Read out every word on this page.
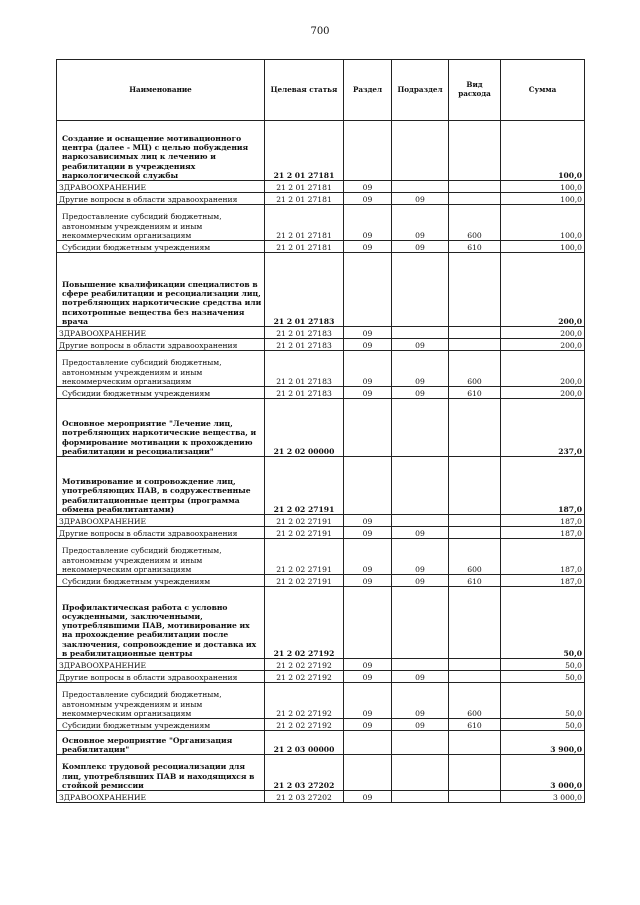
700
Наименование	Целевая статья	Раздел	Подраздел	Вид расхода	Сумма
Создание и оснащение мотивационного центра (далее - МЦ) с целью побуждения наркозависимых лиц к лечению и реабилитации в учреждениях наркологической службы	21 2 01 27181				100,0
ЗДРАВООХРАНЕНИЕ	21 2 01 27181	09			100,0
Другие вопросы в области здравоохранения	21 2 01 27181	09	09		100,0
Предоставление субсидий бюджетным, автономным учреждениям и иным некоммерческим организациям	21 2 01 27181	09	09	600	100,0
Субсидии бюджетным учреждениям	21 2 01 27181	09	09	610	100,0
Повышение квалификации специалистов в сфере реабилитации и ресоциализации лиц, потребляющих наркотические средства или психотропные вещества без назначения врача	21 2 01 27183				200,0
ЗДРАВООХРАНЕНИЕ	21 2 01 27183	09			200,0
Другие вопросы в области здравоохранения	21 2 01 27183	09	09		200,0
Предоставление субсидий бюджетным, автономным учреждениям и иным некоммерческим организациям	21 2 01 27183	09	09	600	200,0
Субсидии бюджетным учреждениям	21 2 01 27183	09	09	610	200,0
Основное мероприятие "Лечение лиц, потребляющих наркотические вещества, и формирование мотивации к прохождению реабилитации и ресоциализации"	21 2 02 00000				237,0
Мотивирование и сопровождение лиц, употребляющих ПАВ, в содружественные реабилитационные центры (программа обмена реабилитантами)	21 2 02 27191				187,0
ЗДРАВООХРАНЕНИЕ	21 2 02 27191	09			187,0
Другие вопросы в области здравоохранения	21 2 02 27191	09	09		187,0
Предоставление субсидий бюджетным, автономным учреждениям и иным некоммерческим организациям	21 2 02 27191	09	09	600	187,0
Субсидии бюджетным учреждениям	21 2 02 27191	09	09	610	187,0
Профилактическая работа с условно осужденными, заключенными, употреблявшими ПАВ, мотивирование их на прохождение реабилитации после заключения, сопровождение и доставка их в реабилитационные центры	21 2 02 27192				50,0
ЗДРАВООХРАНЕНИЕ	21 2 02 27192	09			50,0
Другие вопросы в области здравоохранения	21 2 02 27192	09	09		50,0
Предоставление субсидий бюджетным, автономным учреждениям и иным некоммерческим организациям	21 2 02 27192	09	09	600	50,0
Субсидии бюджетным учреждениям	21 2 02 27192	09	09	610	50,0
Основное мероприятие "Организация реабилитации"	21 2 03 00000				3 900,0
Комплекс трудовой ресоциализации для лиц, употреблявших ПАВ и находящихся в стойкой ремиссии	21 2 03 27202				3 000,0
ЗДРАВООХРАНЕНИЕ	21 2 03 27202	09			3 000,0
